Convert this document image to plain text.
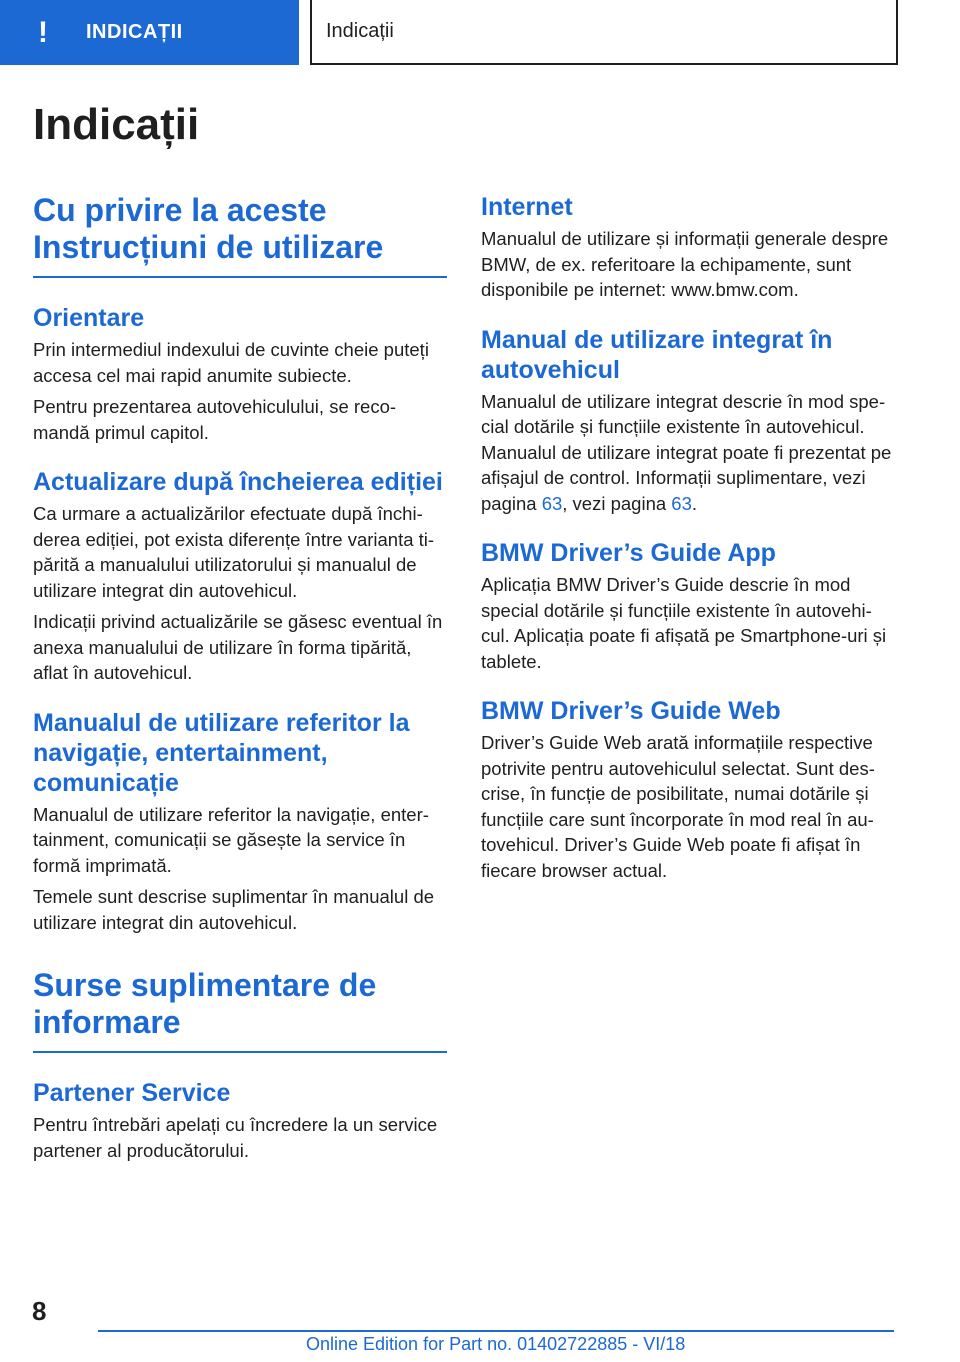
!	INDICAȚII	Indicații
Indicații
Cu privire la aceste Instrucțiuni de utilizare
Orientare

Prin intermediul indexului de cuvinte cheie puteți accesa cel mai rapid anumite subiecte.

Pentru prezentarea autovehiculului, se reco‐mandă primul capitol.

Actualizare după încheierea ediției

Ca urmare a actualizărilor efectuate după închi‐derea ediției, pot exista diferențe între varianta ti‐părită a manualului utilizatorului și manualul de utilizare integrat din autovehicul.

Indicații privind actualizările se găsesc eventual în anexa manualului de utilizare în forma tipărită, aflat în autovehicul.

Manualul de utilizare referitor la navigație, entertainment, comunicație

Manualul de utilizare referitor la navigație, enter‐tainment, comunicații se găsește la service în formă imprimată.

Temele sunt descrise suplimentar în manualul de utilizare integrat din autovehicul.

Surse suplimentare de informare
Partener Service

Pentru întrebări apelați cu încredere la un service partener al producătorului.

Internet

Manualul de utilizare și informații generale despre BMW, de ex. referitoare la echipamente, sunt disponibile pe internet: www.bmw.com.

Manual de utilizare integrat în autovehicul

Manualul de utilizare integrat descrie în mod spe‐cial dotările și funcțiile existente în autovehicul. Manualul de utilizare integrat poate fi prezentat pe afișajul de control. Informații suplimentare, vezi pagina 63, vezi pagina 63.

BMW Driver’s Guide App

Aplicația BMW Driver’s Guide descrie în mod special dotările și funcțiile existente în autovehi‐cul. Aplicația poate fi afișată pe Smartphone-uri și tablete.

BMW Driver’s Guide Web

Driver’s Guide Web arată informațiile respective potrivite pentru autovehiculul selectat. Sunt des‐crise, în funcție de posibilitate, numai dotările și funcțiile care sunt încorporate în mod real în au‐tovehicul. Driver’s Guide Web poate fi afișat în fiecare browser actual.

8
Online Edition for Part no. 01402722885 - VI/18
